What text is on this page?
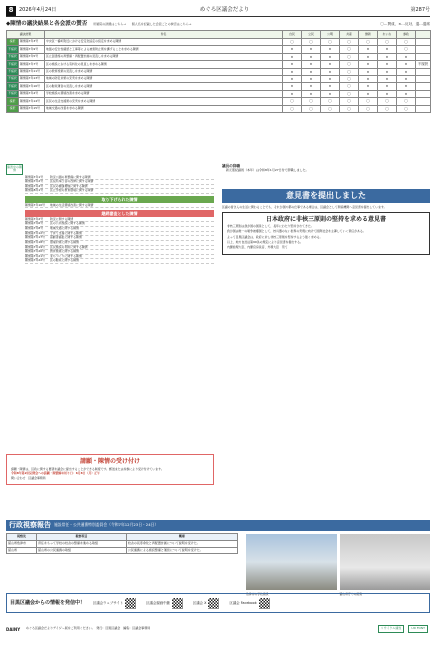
8	2026年4月24日	めぐろ区議会だより	第287号
◆陳情の議決結果と各会派の賛否 所属院の詳細はこちら→　　個人名を記載した会派ごとの賛否はこちら→	〇…賛成、×…反対、退…退席
議決結果		件名	自民	立民	公明	共産	維新	れいわ	参政	
採択	陳情第7年3号	中央区一番町附近における安定化協定の設定を求める陳情	〇	〇	〇	〇	〇	〇	〇	
不採択	陳情第7年9号	地盤の安全性確認と工事等による被害防止策を講ずることを求める陳情	×	×	×	〇	×	×	〇	
不採択	陳情第7年5号	区立図書館の再整備・再配置計画の見直しを求める陳情	×	×	×	〇	×	×	×	
不採択	陳情第7年7号	区の施設における有料化の見直しを求める陳情	×	×	×	〇	×	×	×	不採択
不採択	陳情第7年11号	区の教育施策の見直しを求める陳情	×	×	×	〇	×	×	×	
不採択	陳情第7年13号	地域の防災対策の充実を求める陳情	×	×	×	〇	×	×	×	
不採択	陳情第7年16号	区の財政運営の見直しを求める陳情	×	×	×	〇	×	×	×	
不採択	陳情第7年4号	学校施設の環境改善を求める陳情	×	×	×	〇	×	×	×	
採択	陳情第7年14号	区民の生活支援策の充実を求める陳情	〇	〇	〇	〇	〇	〇	〇	
採択	陳情第7年15号	地域交通の改善を求める陳情	〇	〇	〇	〇	〇	〇	〇	
審査中の陳情
陳情第7年1号	防災公園の再整備に関する陳情
陳情第7年2号	区役所本庁舎の改修に関する陳情
陳情第7年4号	区民の健康増進に関する陳情
陳情第8年1号	区立学校の教育環境に関する陳情
取り下げられた陳情
陳情第7年10号	地域の生活環境改善に関する陳情
継続審査とした陳情
陳情第7年2号	防災に関する陳情
陳情第7年6号	区の公共施設に関する陳情
陳情第7年8号	地域交通に関する陳情
陳情第7年12号	子育て支援に関する陳情
陳情第7年17号	高齢者福祉に関する陳情
陳情第7年18号	環境対策に関する陳情
陳情第7年19号	区民施設の利用に関する陳情
陳情第7年20号	教育施策に関する陳情
陳情第7年21号	まちづくりに関する陳情
陳情第7年22号	区の財政に関する陳情
請願・陳情の受け付け

請願・陳情は、区政に関する要望を議会に提出することができる制度です。郵送または持参により受け付けています。

令和8年第2回定例会への請願・陳情締め切り日：6月8日（月）正午

問い合わせ　区議会事務局

議長の辞職
新元照紀議員（本年）は令和8年1月27日付で辞職しました。
意見書を提出しました

区議の皆さんの生活に関わることでも、それが国や都の仕事である場合は、区議会として関係機関へ意見書を提出しています。

日本政府に非核三原則の堅持を求める意見書

非核三原則は我が国の国是として、長年にわたり堅持されてきた。

我が国は唯一の戦争被爆国として、核兵器のない世界の実現に向けて国際社会を主導していく責任がある。

よって目黒区議会は、政府に対し非核三原則を堅持するよう強く求める。

以上、地方自治法第99条の規定により意見書を提出する。

内閣総理大臣、内閣官房長官、外務大臣　宛て

行政視察報告 施設常任・公共通番特別委員会（令和7年12月23日・24日）
視察先	視察項目	概要
富山県魚津市	責任をもって学校の校舎の整備を進める取組	校舎の長寿命化と再配置計画について説明を受けた。
富山県	富山県の公民連携の取組	公民連携による施設整備と運営について説明を受けた。
魚津市の学校施設	富山県庁での視察
目黒区議会からの情報を発信中！ 区議会ウェブサイト	区議会録画中継	区議会 X	区議会 Facebook
DAINY	めぐろ区議会だよりデイジー版をご利用ください。　発行：目黒区議会　編集：区議会事務局	リサイクル適性	UD FONT
